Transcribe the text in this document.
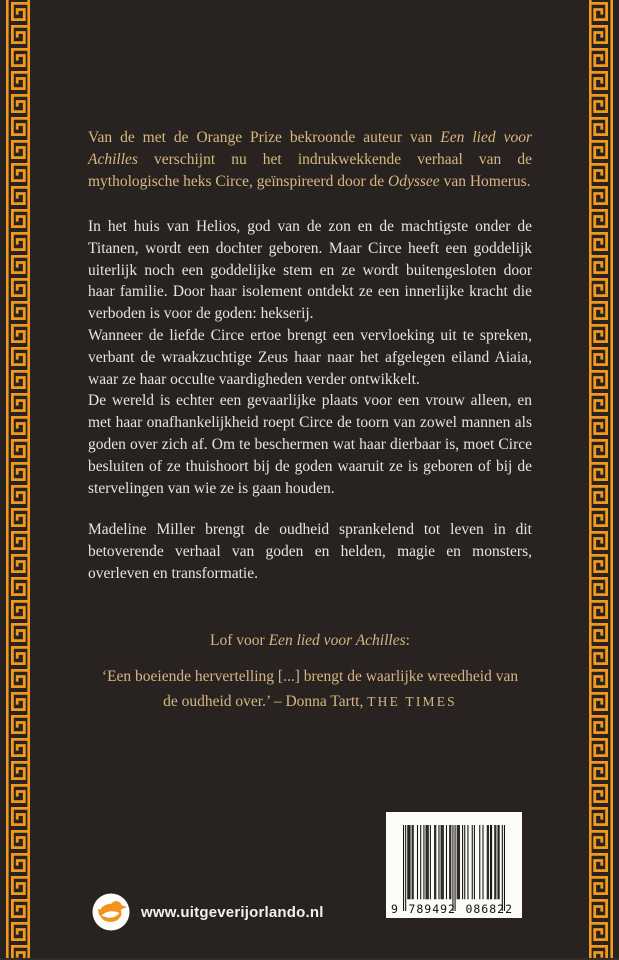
Van de met de Orange Prize bekroonde auteur van Een lied voor Achilles verschijnt nu het indrukwekkende verhaal van de mythologische heks Circe, geïnspireerd door de Odyssee van Homerus.

In het huis van Helios, god van de zon en de machtigste onder de Titanen, wordt een dochter geboren. Maar Circe heeft een goddelijk uiterlijk noch een goddelijke stem en ze wordt buitengesloten door haar familie. Door haar isolement ontdekt ze een innerlijke kracht die verboden is voor de goden: hekserij.

Wanneer de liefde Circe ertoe brengt een vervloeking uit te spreken, verbant de wraakzuchtige Zeus haar naar het afgelegen eiland Aiaia, waar ze haar occulte vaardigheden verder ontwikkelt.

De wereld is echter een gevaarlijke plaats voor een vrouw alleen, en met haar onafhankelijkheid roept Circe de toorn van zowel mannen als goden over zich af. Om te beschermen wat haar dierbaar is, moet Circe besluiten of ze thuishoort bij de goden waaruit ze is geboren of bij de stervelingen van wie ze is gaan houden.

Madeline Miller brengt de oudheid sprankelend tot leven in dit betoverende verhaal van goden en helden, magie en monsters, overleven en transformatie.

Lof voor Een lied voor Achilles:
‘Een boeiende hervertelling [...] brengt de waarlijke wreedheid van de oudheid over.’ – Donna Tartt, THE TIMES
9 789492 086822
www.uitgeverijorlando.nl
